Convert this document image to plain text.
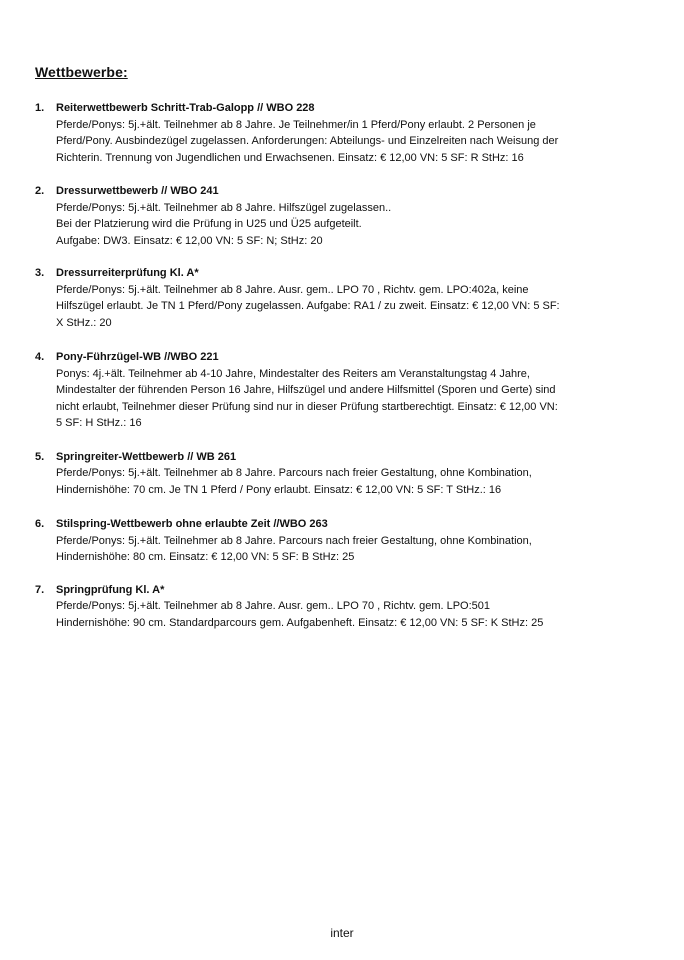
Wettbewerbe:
1. Reiterwettbewerb Schritt-Trab-Galopp // WBO 228
Pferde/Ponys: 5j.+ält. Teilnehmer ab 8 Jahre. Je Teilnehmer/in 1 Pferd/Pony erlaubt. 2 Personen je
Pferd/Pony. Ausbindezügel zugelassen. Anforderungen: Abteilungs- und Einzelreiten nach Weisung der
Richterin. Trennung von Jugendlichen und Erwachsenen. Einsatz: € 12,00 VN: 5 SF: R StHz: 16
2. Dressurwettbewerb // WBO 241
Pferde/Ponys: 5j.+ält. Teilnehmer ab 8 Jahre. Hilfszügel zugelassen..
Bei der Platzierung wird die Prüfung in U25 und Ü25 aufgeteilt.
Aufgabe: DW3. Einsatz: € 12,00 VN: 5 SF: N; StHz: 20
3. Dressurreiterprüfung Kl. A*
Pferde/Ponys: 5j.+ält. Teilnehmer ab 8 Jahre. Ausr. gem.. LPO 70 , Richtv. gem. LPO:402a, keine
Hilfszügel erlaubt. Je TN 1 Pferd/Pony zugelassen. Aufgabe: RA1 / zu zweit. Einsatz: € 12,00 VN: 5 SF:
X StHz.: 20
4. Pony-Führzügel-WB //WBO 221
Ponys: 4j.+ält. Teilnehmer ab 4-10 Jahre, Mindestalter des Reiters am Veranstaltungstag 4 Jahre,
Mindestalter der führenden Person 16 Jahre, Hilfszügel und andere Hilfsmittel (Sporen und Gerte) sind
nicht erlaubt, Teilnehmer dieser Prüfung sind nur in dieser Prüfung startberechtigt. Einsatz: € 12,00 VN:
5 SF: H StHz.: 16
5. Springreiter-Wettbewerb // WB 261
Pferde/Ponys: 5j.+ält. Teilnehmer ab 8 Jahre. Parcours nach freier Gestaltung, ohne Kombination,
Hindernishöhe: 70 cm. Je TN 1 Pferd / Pony erlaubt. Einsatz: € 12,00 VN: 5 SF: T StHz.: 16
6. Stilspring-Wettbewerb ohne erlaubte Zeit //WBO 263
Pferde/Ponys: 5j.+ält. Teilnehmer ab 8 Jahre. Parcours nach freier Gestaltung, ohne Kombination,
Hindernishöhe: 80 cm. Einsatz: € 12,00 VN: 5 SF: B StHz: 25
7. Springprüfung Kl. A*
Pferde/Ponys: 5j.+ält. Teilnehmer ab 8 Jahre. Ausr. gem.. LPO 70 , Richtv. gem. LPO:501
Hindernishöhe: 90 cm. Standardparcours gem. Aufgabenheft. Einsatz: € 12,00 VN: 5 SF: K StHz: 25
inter
